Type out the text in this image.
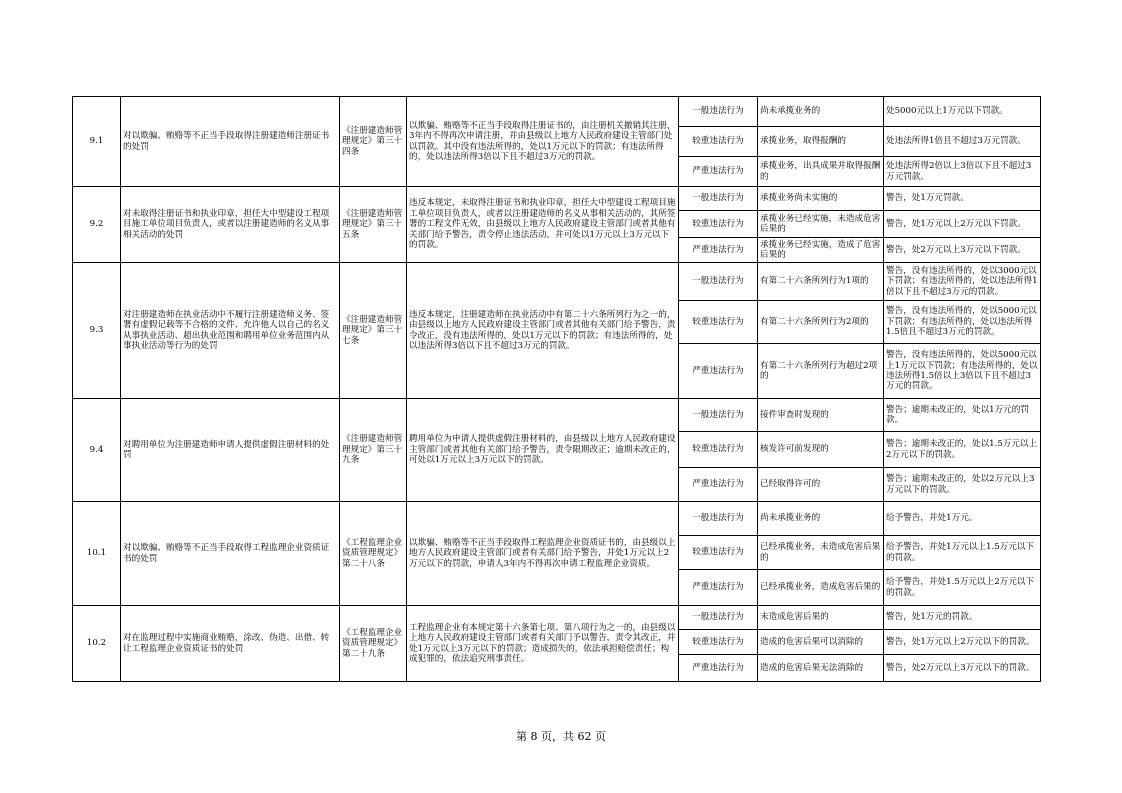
9.1	对以欺骗、贿赂等不正当手段取得注册建造师注册证书的处罚	《注册建造师管理规定》第三十四条	以欺骗、贿赂等不正当手段取得注册证书的，由注册机关撤销其注册，3年内不得再次申请注册，并由县级以上地方人民政府建设主管部门处以罚款。其中没有违法所得的，处以1万元以下的罚款；有违法所得的，处以违法所得3倍以下且不超过3万元的罚款。	一般违法行为	尚未承揽业务的	处5000元以上1万元以下罚款。
				较重违法行为	承揽业务，取得报酬的	处违法所得1倍且不超过3万元罚款。
				严重违法行为	承揽业务，出具成果并取得报酬的	处违法所得2倍以上3倍以下且不超过3万元罚款。
9.2	对未取得注册证书和执业印章，担任大中型建设工程项目施工单位项目负责人，或者以注册建造师的名义从事相关活动的处罚	《注册建造师管理规定》第三十五条	违反本规定，未取得注册证书和执业印章，担任大中型建设工程项目施工单位项目负责人，或者以注册建造师的名义从事相关活动的，其所签署的工程文件无效，由县级以上地方人民政府建设主管部门或者其他有关部门给予警告，责令停止违法活动，并可处以1万元以上3万元以下的罚款。	一般违法行为	承揽业务尚未实施的	警告，处1万元罚款。
				较重违法行为	承揽业务已经实施，未造成危害后果的	警告，处1万元以上2万元以下罚款。
				严重违法行为	承揽业务已经实施，造成了危害后果的	警告，处2万元以上3万元以下罚款。
9.3	对注册建造师在执业活动中不履行注册建造师义务、签署有虚假记载等不合格的文件、允许他人以自己的名义从事执业活动、超出执业范围和聘用单位业务范围内从事执业活动等行为的处罚	《注册建造师管理规定》第三十七条	违反本规定，注册建造师在执业活动中有第二十六条所列行为之一的，由县级以上地方人民政府建设主管部门或者其他有关部门给予警告，责令改正，没有违法所得的，处以1万元以下的罚款；有违法所得的，处以违法所得3倍以下且不超过3万元的罚款。	一般违法行为	有第二十六条所列行为1项的	警告，没有违法所得的，处以3000元以下罚款；有违法所得的，处以违法所得1倍以下且不超过3万元的罚款。
				较重违法行为	有第二十六条所列行为2项的	警告，没有违法所得的，处以5000元以下罚款；有违法所得的，处以违法所得1.5倍且不超过3万元的罚款。
				严重违法行为	有第二十六条所列行为超过2项的	警告，没有违法所得的，处以5000元以上1万元以下罚款；有违法所得的，处以违法所得1.5倍以上3倍以下且不超过3万元的罚款。
9.4	对聘用单位为注册建造师申请人提供虚假注册材料的处罚	《注册建造师管理规定》第三十九条	聘用单位为申请人提供虚假注册材料的，由县级以上地方人民政府建设主管部门或者其他有关部门给予警告，责令限期改正；逾期未改正的，可处以1万元以上3万元以下的罚款。	一般违法行为	接件审查时发现的	警告；逾期未改正的，处以1万元的罚款。
				较重违法行为	核发许可前发现的	警告；逾期未改正的，处以1.5万元以上2万元以下的罚款。
				严重违法行为	已经取得许可的	警告；逾期未改正的，处以2万元以上3万元以下的罚款。
10.1	对以欺骗、贿赂等不正当手段取得工程监理企业资质证书的处罚	《工程监理企业资质管理规定》第二十八条	以欺骗、贿赂等不正当手段取得工程监理企业资质证书的，由县级以上地方人民政府建设主管部门或者有关部门给予警告，并处1万元以上2万元以下的罚款，申请人3年内不得再次申请工程监理企业资质。	一般违法行为	尚未承揽业务的	给予警告，并处1万元。
				较重违法行为	已经承揽业务，未造成危害后果的	给予警告，并处1万元以上1.5万元以下的罚款。
				严重违法行为	已经承揽业务，造成危害后果的	给予警告，并处1.5万元以上2万元以下的罚款。
10.2	对在监理过程中实施商业贿赂，涂改、伪造、出借、转让工程监理企业资质证书的处罚	《工程监理企业资质管理规定》第二十九条	工程监理企业有本规定第十六条第七项、第八项行为之一的，由县级以上地方人民政府建设主管部门或者有关部门予以警告，责令其改正，并处1万元以上3万元以下的罚款；造成损失的，依法承担赔偿责任；构成犯罪的，依法追究刑事责任。	一般违法行为	未造成危害后果的	警告，处1万元的罚款。
				较重违法行为	造成的危害后果可以消除的	警告，处1万元以上2万元以下的罚款。
				严重违法行为	造成的危害后果无法消除的	警告，处2万元以上3万元以下的罚款。
第 8 页，共 62 页
